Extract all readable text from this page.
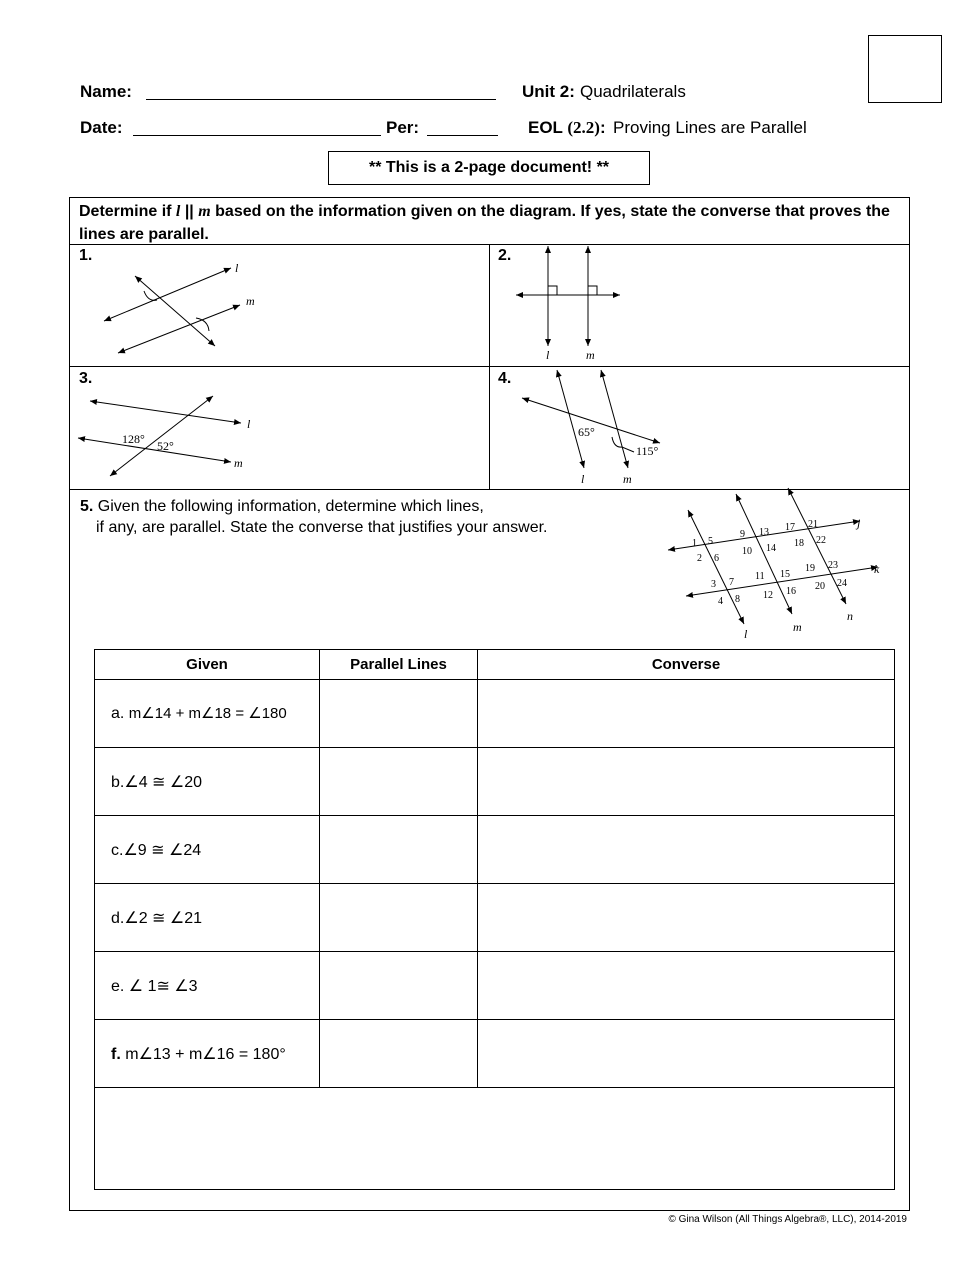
Name:	Unit 2: Quadrilaterals
Date:	Per:	EOL (2.2): Proving Lines are Parallel
** This is a 2-page document! **
Determine if l || m based on the information given on the diagram. If yes, state the converse that proves the lines are parallel.
1.	2.
3.	4.
l
m
l	m
l
m
l	m
j
k
l	m
n
128° 52°
65°
115°
1 5
2 6
9 13
10 14
17 21
18 22
3 7
4 8
11 15
12 16
19 23
20 24
5. Given the following information, determine which lines,
if any, are parallel. State the converse that justifies your answer.
Given	Parallel Lines	Converse
a. m∠14 + m∠18 = ∠180		
b.∠4 ≅ ∠20		
c.∠9 ≅ ∠24		
d.∠2 ≅ ∠21		
e. ∠ 1≅ ∠3		
f. m∠13 + m∠16 = 180°		

© Gina Wilson (All Things Algebra®, LLC), 2014-2019
